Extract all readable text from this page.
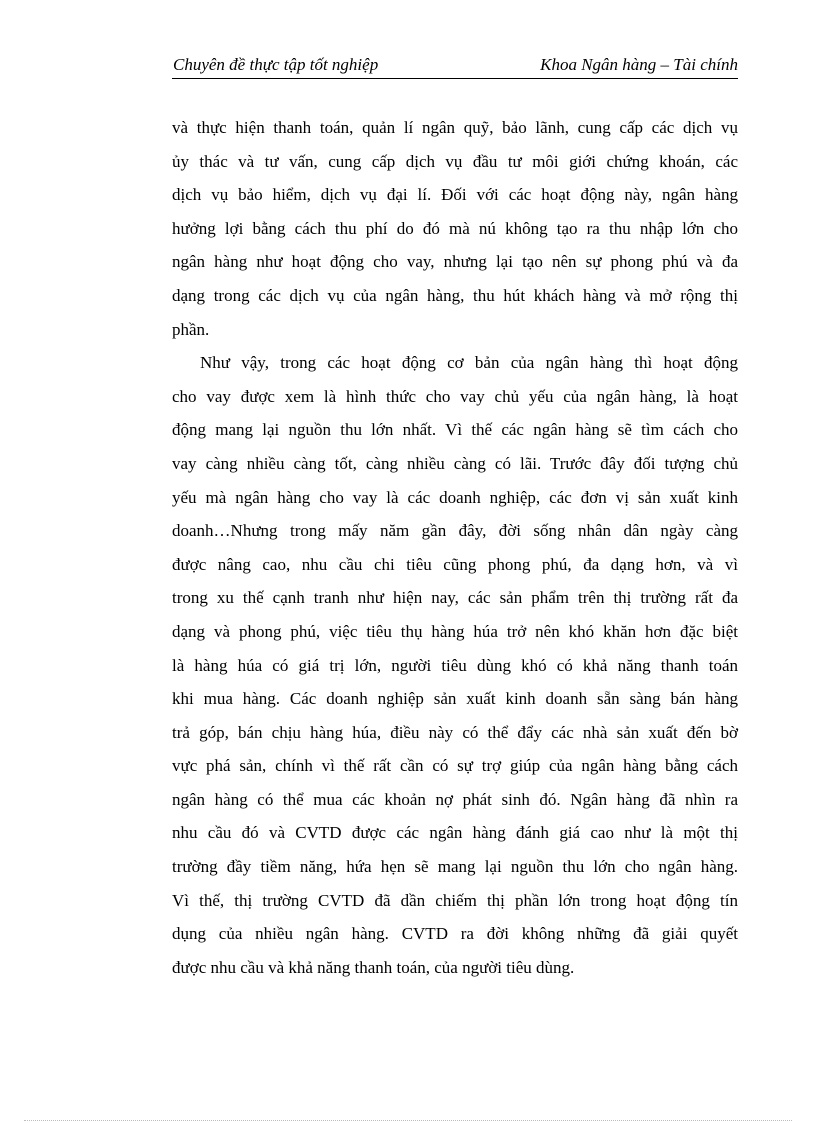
Chuyên đề thực tập tốt nghiệp	Khoa Ngân hàng – Tài chính
và thực hiện thanh toán, quản lí ngân quỹ, bảo lãnh, cung cấp các dịch vụ
ủy thác và tư vấn, cung cấp dịch vụ đầu tư môi giới chứng khoán, các
dịch vụ bảo hiểm, dịch vụ đại lí. Đối với các hoạt động này, ngân hàng
hưởng lợi bằng cách thu phí do đó mà nú không tạo ra thu nhập lớn cho
ngân hàng như hoạt động cho vay, nhưng lại tạo nên sự phong phú và đa
dạng trong các dịch vụ của ngân hàng, thu hút khách hàng và mở rộng thị
phần.
Như vậy, trong các hoạt động cơ bản của ngân hàng thì hoạt động
cho vay được xem là hình thức cho vay chủ yếu của ngân hàng, là hoạt
động mang lại nguồn thu lớn nhất. Vì thế các ngân hàng sẽ tìm cách cho
vay càng nhiều càng tốt, càng nhiều càng có lãi. Trước đây đối tượng chủ
yếu mà ngân hàng cho vay là các doanh nghiệp, các đơn vị sản xuất kinh
doanh…Nhưng trong mấy năm gần đây, đời sống nhân dân ngày càng
được nâng cao, nhu cầu chi tiêu cũng phong phú, đa dạng hơn, và vì
trong xu thế cạnh tranh như hiện nay, các sản phẩm trên thị trường rất đa
dạng và phong phú, việc tiêu thụ hàng húa trở nên khó khăn hơn đặc biệt
là hàng húa có giá trị lớn, người tiêu dùng khó có khả năng thanh toán
khi mua hàng. Các doanh nghiệp sản xuất kinh doanh sẵn sàng bán hàng
trả góp, bán chịu hàng húa, điều này có thể đẩy các nhà sản xuất đến bờ
vực phá sản, chính vì thế rất cần có sự trợ giúp của ngân hàng bằng cách
ngân hàng có thể mua các khoản nợ phát sinh đó. Ngân hàng đã nhìn ra
nhu cầu đó và CVTD được các ngân hàng đánh giá cao như là một thị
trường đầy tiềm năng, hứa hẹn sẽ mang lại nguồn thu lớn cho ngân hàng.
Vì thế, thị trường CVTD đã dần chiếm thị phần lớn trong hoạt động tín
dụng của nhiều ngân hàng. CVTD ra đời không những đã giải quyết
được nhu cầu và khả năng thanh toán, của người tiêu dùng.
